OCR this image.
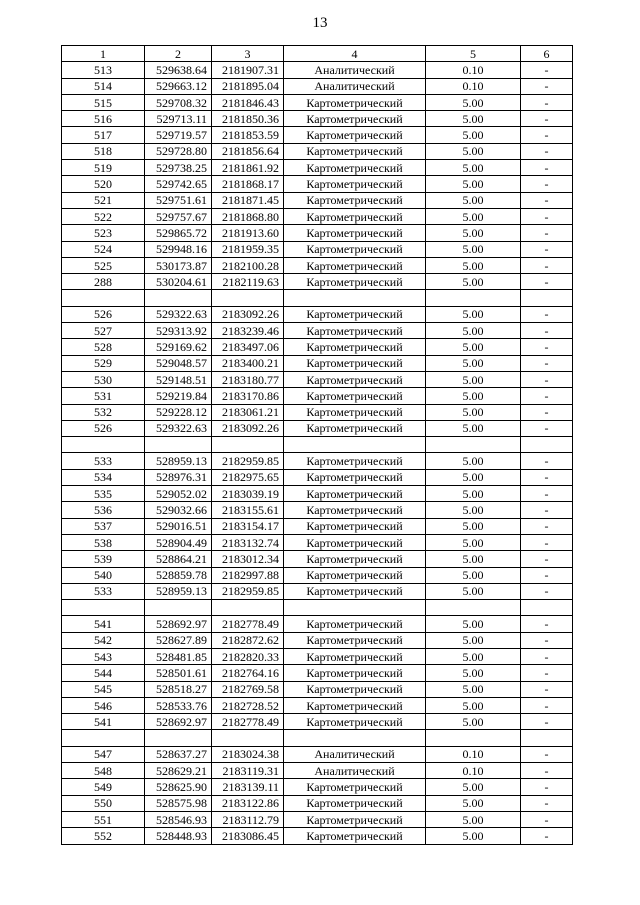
13
1	2	3	4	5	6
513	529638.64	2181907.31	Аналитический	0.10	-
514	529663.12	2181895.04	Аналитический	0.10	-
515	529708.32	2181846.43	Картометрический	5.00	-
516	529713.11	2181850.36	Картометрический	5.00	-
517	529719.57	2181853.59	Картометрический	5.00	-
518	529728.80	2181856.64	Картометрический	5.00	-
519	529738.25	2181861.92	Картометрический	5.00	-
520	529742.65	2181868.17	Картометрический	5.00	-
521	529751.61	2181871.45	Картометрический	5.00	-
522	529757.67	2181868.80	Картометрический	5.00	-
523	529865.72	2181913.60	Картометрический	5.00	-
524	529948.16	2181959.35	Картометрический	5.00	-
525	530173.87	2182100.28	Картометрический	5.00	-
288	530204.61	2182119.63	Картометрический	5.00	-

526	529322.63	2183092.26	Картометрический	5.00	-
527	529313.92	2183239.46	Картометрический	5.00	-
528	529169.62	2183497.06	Картометрический	5.00	-
529	529048.57	2183400.21	Картометрический	5.00	-
530	529148.51	2183180.77	Картометрический	5.00	-
531	529219.84	2183170.86	Картометрический	5.00	-
532	529228.12	2183061.21	Картометрический	5.00	-
526	529322.63	2183092.26	Картометрический	5.00	-

533	528959.13	2182959.85	Картометрический	5.00	-
534	528976.31	2182975.65	Картометрический	5.00	-
535	529052.02	2183039.19	Картометрический	5.00	-
536	529032.66	2183155.61	Картометрический	5.00	-
537	529016.51	2183154.17	Картометрический	5.00	-
538	528904.49	2183132.74	Картометрический	5.00	-
539	528864.21	2183012.34	Картометрический	5.00	-
540	528859.78	2182997.88	Картометрический	5.00	-
533	528959.13	2182959.85	Картометрический	5.00	-

541	528692.97	2182778.49	Картометрический	5.00	-
542	528627.89	2182872.62	Картометрический	5.00	-
543	528481.85	2182820.33	Картометрический	5.00	-
544	528501.61	2182764.16	Картометрический	5.00	-
545	528518.27	2182769.58	Картометрический	5.00	-
546	528533.76	2182728.52	Картометрический	5.00	-
541	528692.97	2182778.49	Картометрический	5.00	-

547	528637.27	2183024.38	Аналитический	0.10	-
548	528629.21	2183119.31	Аналитический	0.10	-
549	528625.90	2183139.11	Картометрический	5.00	-
550	528575.98	2183122.86	Картометрический	5.00	-
551	528546.93	2183112.79	Картометрический	5.00	-
552	528448.93	2183086.45	Картометрический	5.00	-
